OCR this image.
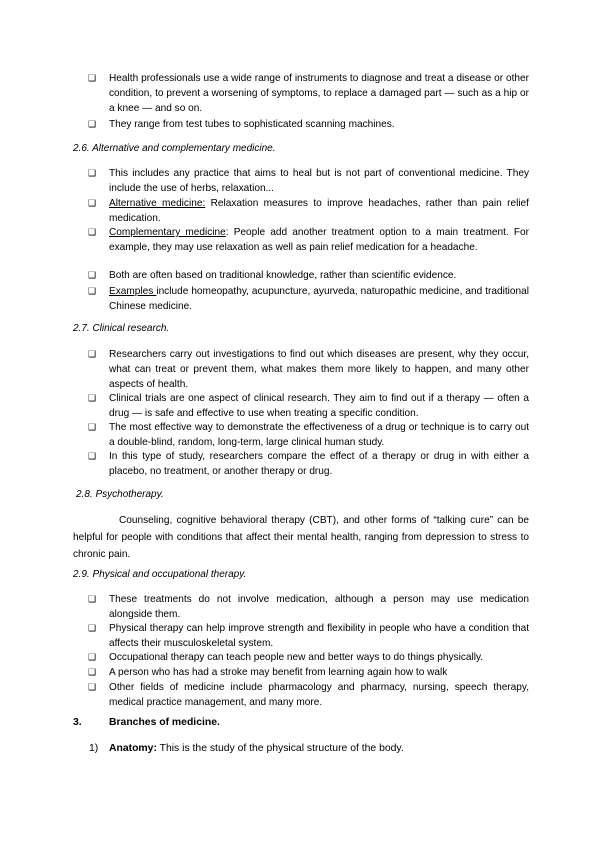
❑ Health professionals use a wide range of instruments to diagnose and treat a disease or other condition, to prevent a worsening of symptoms, to replace a damaged part — such as a hip or a knee — and so on.
❑ They range from test tubes to sophisticated scanning machines.
2.6. Alternative and complementary medicine.
❑ This includes any practice that aims to heal but is not part of conventional medicine. They include the use of herbs, relaxation...
❑ Alternative medicine: Relaxation measures to improve headaches, rather than pain relief medication.
❑ Complementary medicine: People add another treatment option to a main treatment. For example, they may use relaxation as well as pain relief medication for a headache.
❑ Both are often based on traditional knowledge, rather than scientific evidence.
❑ Examples include homeopathy, acupuncture, ayurveda, naturopathic medicine, and traditional Chinese medicine.
2.7. Clinical research.
❑ Researchers carry out investigations to find out which diseases are present, why they occur, what can treat or prevent them, what makes them more likely to happen, and many other aspects of health.
❑ Clinical trials are one aspect of clinical research. They aim to find out if a therapy — often a drug — is safe and effective to use when treating a specific condition.
❑ The most effective way to demonstrate the effectiveness of a drug or technique is to carry out a double-blind, random, long-term, large clinical human study.
❑ In this type of study, researchers compare the effect of a therapy or drug in with either a placebo, no treatment, or another therapy or drug.
2.8. Psychotherapy.
Counseling, cognitive behavioral therapy (CBT), and other forms of “talking cure” can be helpful for people with conditions that affect their mental health, ranging from depression to stress to chronic pain.
2.9. Physical and occupational therapy.
❑ These treatments do not involve medication, although a person may use medication alongside them.
❑ Physical therapy can help improve strength and flexibility in people who have a condition that affects their musculoskeletal system.
❑ Occupational therapy can teach people new and better ways to do things physically.
❑ A person who has had a stroke may benefit from learning again how to walk
❑ Other fields of medicine include pharmacology and pharmacy, nursing, speech therapy, medical practice management, and many more.
3.	Branches of medicine.
1) Anatomy: This is the study of the physical structure of the body.
